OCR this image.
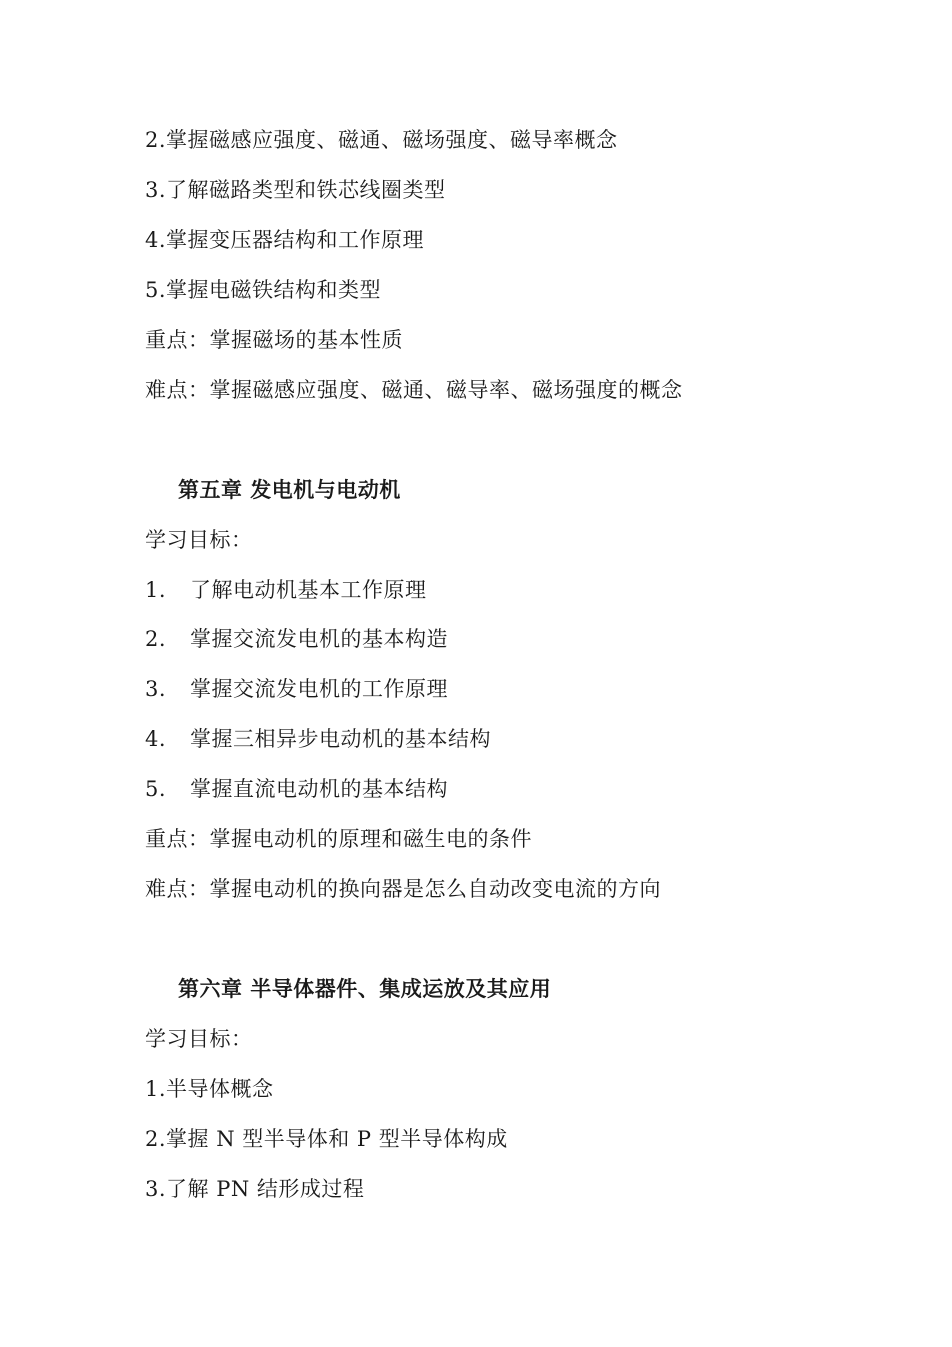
2.掌握磁感应强度、磁通、磁场强度、磁导率概念
3.了解磁路类型和铁芯线圈类型
4.掌握变压器结构和工作原理
5.掌握电磁铁结构和类型
重点：掌握磁场的基本性质
难点：掌握磁感应强度、磁通、磁导率、磁场强度的概念
第五章 发电机与电动机
学习目标：
1. 了解电动机基本工作原理
2. 掌握交流发电机的基本构造
3. 掌握交流发电机的工作原理
4. 掌握三相异步电动机的基本结构
5. 掌握直流电动机的基本结构
重点：掌握电动机的原理和磁生电的条件
难点：掌握电动机的换向器是怎么自动改变电流的方向
第六章 半导体器件、集成运放及其应用
学习目标：
1.半导体概念
2.掌握 N 型半导体和 P 型半导体构成
3.了解 PN 结形成过程
